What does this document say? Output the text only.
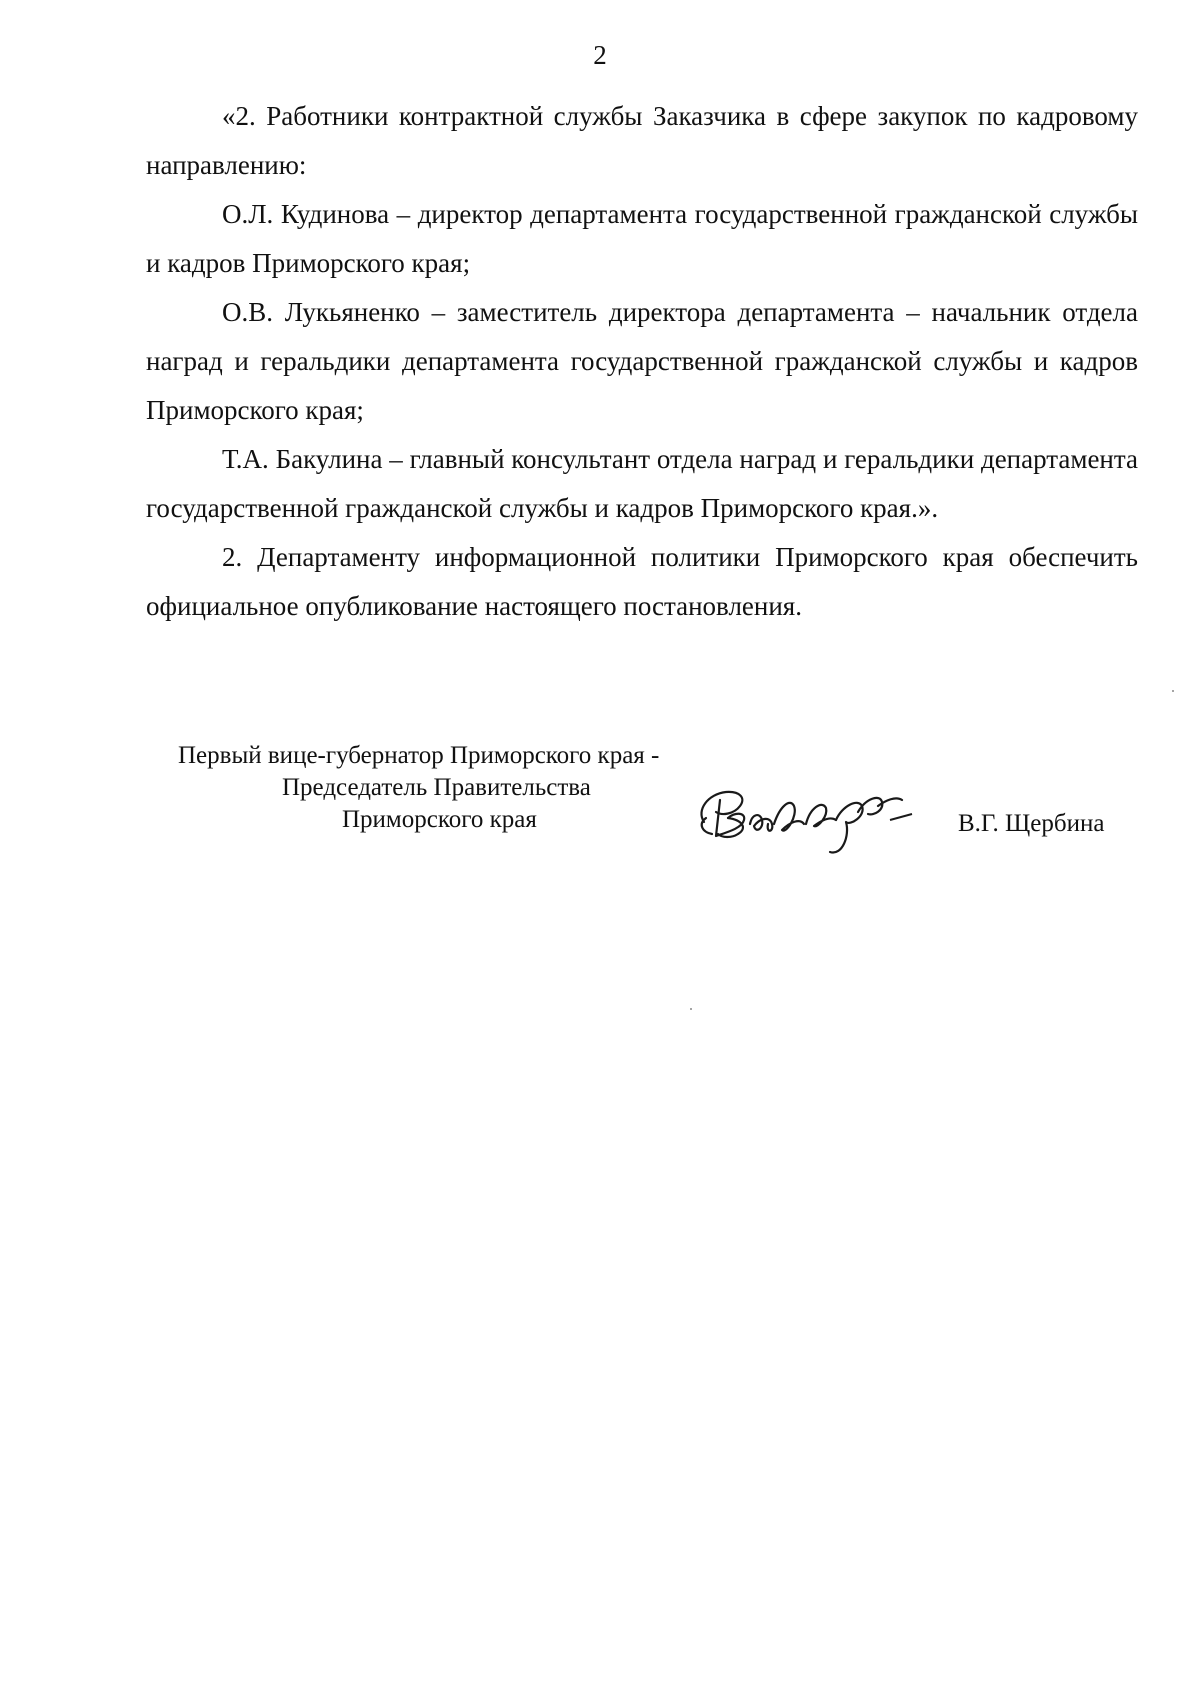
2

«2. Работники контрактной службы Заказчика в сфере закупок по кадровому направлению:

О.Л. Кудинова – директор департамента государственной гражданской службы и кадров Приморского края;

О.В. Лукьяненко – заместитель директора департамента – начальник отдела наград и геральдики департамента государственной гражданской службы и кадров Приморского края;

Т.А. Бакулина – главный консультант отдела наград и геральдики департамента государственной гражданской службы и кадров Приморского края.».

2. Департаменту информационной политики Приморского края обеспечить официальное опубликование настоящего постановления.

Первый вице-губернатор Приморского края -
Председатель Правительства
Приморского края	В.Г. Щербина
